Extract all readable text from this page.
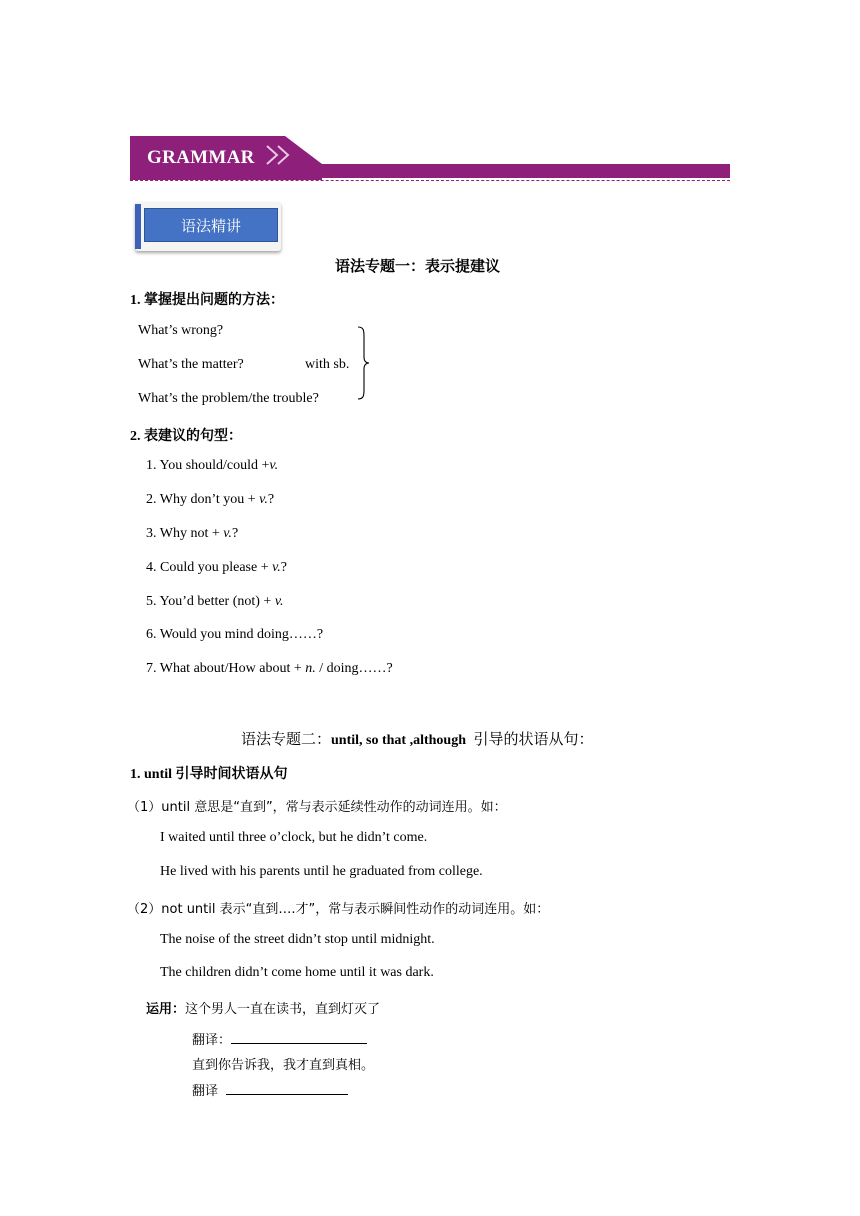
GRAMMAR
语法精讲
语法专题一：表示提建议
1. 掌握提出问题的方法：
What’s wrong?
What’s the matter?	with sb.
What’s the problem/the trouble?
2. 表建议的句型：
1. You should/could +v.
2. Why don’t you + v.?
3. Why not + v.?
4. Could you please + v.?
5. You’d better (not) + v.
6. Would you mind doing……?
7. What about/How about + n. / doing……?
语法专题二：until, so that ,although 引导的状语从句：
1. until 引导时间状语从句
（1）until 意思是“直到”，常与表示延续性动作的动词连用。如：
I waited until three o’clock, but he didn’t come.
He lived with his parents until he graduated from college.
（2）not until 表示“直到….才”，常与表示瞬间性动作的动词连用。如：
The noise of the street didn’t stop until midnight.
The children didn’t come home until it was dark.
运用：这个男人一直在读书，直到灯灭了
翻译：
直到你告诉我，我才直到真相。
翻译
